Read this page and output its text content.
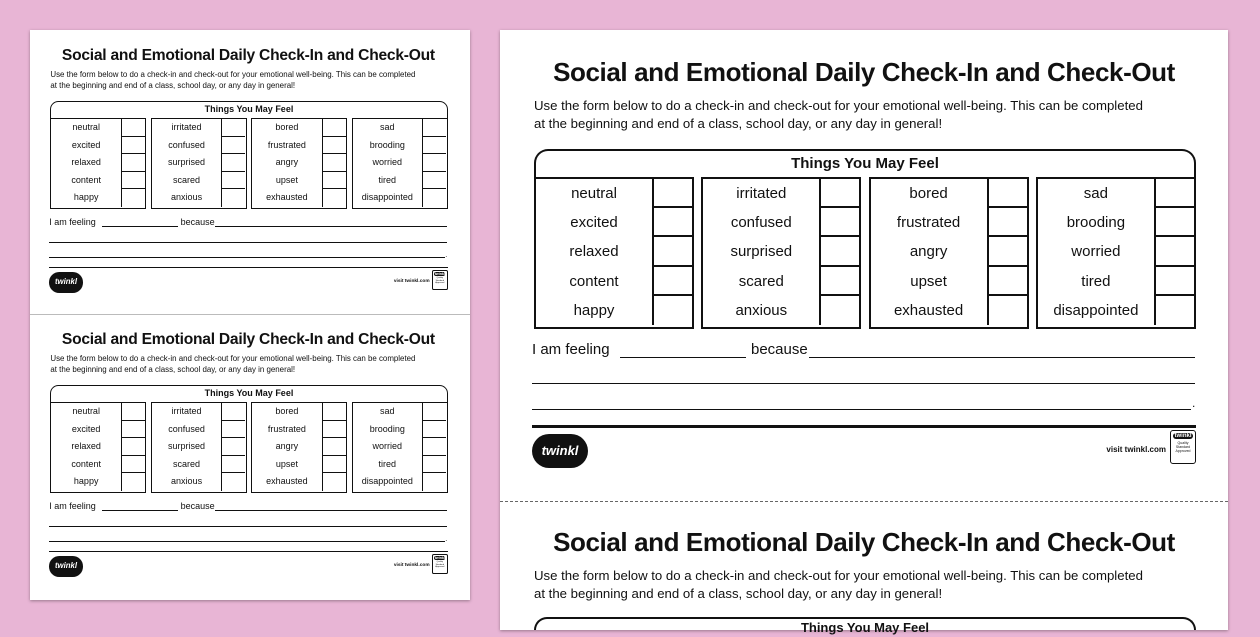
Social and Emotional Daily Check-In and Check-Out
Use the form below to do a check-in and check-out for your emotional well-being. This can be completed
at the beginning and end of a class, school day, or any day in general!
Things You May Feel
neutral
excited
relaxed
content
happy
irritated
confused
surprised
scared
anxious
bored
frustrated
angry
upset
exhausted
sad
brooding
worried
tired
disappointed
I am feeling	because
.
twinkl	visit twinkl.com
twinkl
Quality Standard Approved
Social and Emotional Daily Check-In and Check-Out
Use the form below to do a check-in and check-out for your emotional well-being. This can be completed
at the beginning and end of a class, school day, or any day in general!
Things You May Feel
neutral
excited
relaxed
content
happy
irritated
confused
surprised
scared
anxious
bored
frustrated
angry
upset
exhausted
sad
brooding
worried
tired
disappointed
I am feeling	because
.
twinkl	visit twinkl.com
twinkl
Quality Standard Approved
Social and Emotional Daily Check-In and Check-Out
Use the form below to do a check-in and check-out for your emotional well-being. This can be completed
at the beginning and end of a class, school day, or any day in general!
Things You May Feel
neutral
excited
relaxed
content
happy
irritated
confused
surprised
scared
anxious
bored
frustrated
angry
upset
exhausted
sad
brooding
worried
tired
disappointed
I am feeling	because
.
twinkl	visit twinkl.com
twinkl
Quality Standard Approved
Social and Emotional Daily Check-In and Check-Out
Use the form below to do a check-in and check-out for your emotional well-being. This can be completed
at the beginning and end of a class, school day, or any day in general!
Things You May Feel
